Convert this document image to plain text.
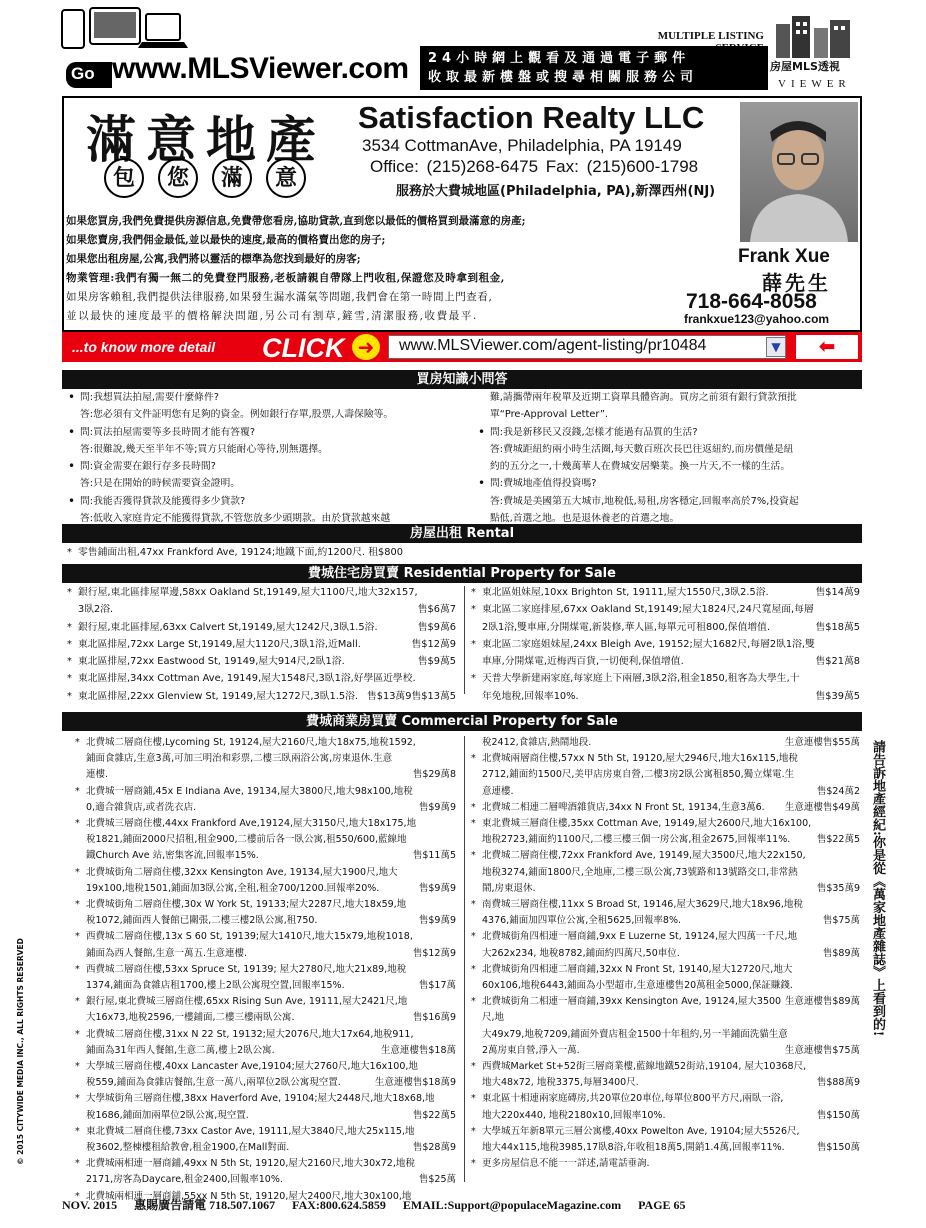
Go www.MLSViewer.com
MULTIPLE LISTING
24小時網上觀看及通過電子郵件
收取最新樓盤或搜尋相關服務公司
房屋MLS透視
VIEWER
滿意地產
包	您	滿	意
Satisfaction Realty LLC
3534 CottmanAve, Philadelphia, PA 19149
Office: (215)268-6475 Fax: (215)600-1798
服務於大費城地區(Philadelphia, PA),新澤西州(NJ)
如果您買房,我們免費提供房源信息,免費帶您看房,協助貸款,直到您以最低的價格買到最滿意的房產;
如果您賣房,我們佣金最低,並以最快的速度,最高的價格賣出您的房子;
如果您出租房屋,公寓,我們將以靈活的標準為您找到最好的房客;
物業管理:我們有獨一無二的免費登門服務,老板請親自帶隊上門收租,保證您及時拿到租金,
如果房客賴租,我們提供法律服務,如果發生漏水滿氣等問題,我們會在第一時間上門查看,
並以最快的速度最平的價格解決問題,另公司有割草,鏟雪,清潔服務,收費最平.
Frank Xue
薛先生
718-664-8058
frankxue123@yahoo.com
...to know more detail CLICK ➜	www.MLSViewer.com/agent-listing/pr10484	▼	⬅
買房知識小問答
• 問:我想買法拍屋,需要什麼條件?
答:您必須有文件証明您有足夠的資金。例如銀行存單,股票,人壽保險等。
• 問:買法拍屋需要等多長時間才能有答覆?
答:很難說,幾天至半年不等;買方只能耐心等待,別無選擇。
• 問:資金需要在銀行存多長時間?
答:只是在開始的時候需要資金證明。
• 問:我能否獲得貸款及能獲得多少貸款?
答:低收入家庭肯定不能獲得貸款,不管您放多少頭期款。由於貸款越來越
難,請攜帶兩年稅單及近期工資單具體咨詢。買房之前須有銀行貸款預批
單“Pre-Approval Letter”.
• 問:我是新移民又沒錢,怎樣才能過有品質的生活?
答:費城距紐約兩小時生活圈,每天數百班次長巴往返紐約,而房價僅是紐
約的五分之一,十幾萬華人在費城安居樂業。換一片天,不一樣的生活。
• 問:費城地產值得投資嗎?
答:費城是美國第五大城市,地稅低,易租,房客穩定,回報率高於7%,投資起
點低,首選之地。也是退休養老的首選之地。
房屋出租 Rental
* 零售鋪面出租,47xx Frankford Ave, 19124;地鐵下面,約1200尺. 租$800
費城住宅房買賣 Residential Property for Sale
* 銀行屋,東北區排屋單邊,58xx Oakland St,19149,屋大1100尺,地大32x157,
3臥2浴.	售$6萬7
* 銀行屋,東北區排屋,63xx Calvert St,19149,屋大1242尺,3臥1.5浴.	售$9萬6
* 東北區排屋,72xx Large St,19149,屋大1120尺,3臥1浴,近Mall.	售$12萬9
* 東北區排屋,72xx Eastwood St, 19149,屋大914尺,2臥1浴.	售$9萬5
* 東北區排屋,34xx Cottman Ave, 19149,屋大1548尺,3臥1浴,好學區近學校.
售$13萬5
* 東北區排屋,22xx Glenview St, 19149,屋大1272尺,3臥1.5浴. 售$13萬9
* 東北區姐妹屋,10xx Brighton St, 19111,屋大1550尺,3臥2.5浴.	售$14萬9
* 東北區二家庭排屋,67xx Oakland St,19149;屋大1824尺,24尺寬屋面,每層
2臥1浴,雙車庫,分開煤電,新裝修,華人區,每單元可租800,保值增值.	售$18萬5
* 東北區二家庭姐妹屋,24xx Bleigh Ave, 19152;屋大1682尺,每層2臥1浴,雙
車庫,分開煤電,近梅西百貨,一切便利,保值增值.	售$21萬8
* 天普大學新建兩家庭,每家庭上下兩層,3臥2浴,租金1850,租客為大學生,十
年免地稅,回報率10%.	售$39萬5
費城商業房買賣 Commercial Property for Sale
* 北費城二層商住樓,Lycoming St, 19124,屋大2160尺,地大18x75,地稅1592,
鋪面食雜店,生意3萬,可加三明治和彩票,二樓三臥兩浴公寓,房東退休.生意
連樓.	售$29萬8
* 北費城一層商鋪,45x E Indiana Ave, 19134,屋大3800尺,地大98x100,地稅
0,適合雜貨店,或者洗衣店.	售$9萬9
* 北費城三層商住樓,44xx Frankford Ave,19124,屋大3150尺,地大18x175,地
稅1821,鋪面2000尺招租,租金900,二樓前后各一臥公寓,租550/600,藍線地
鐵Church Ave 站,密集客流,回報率15%.	售$11萬5
* 北費城街角二層商住樓,32xx Kensington Ave, 19134,屋大1900尺,地大
19x100,地稅1501,鋪面加3臥公寓,全租,租金700/1200.回報率20%.	售$9萬9
* 北費城街角二層商住樓,30x W York St, 19133;屋大2287尺,地大18x59,地
稅1072,鋪面西人餐館已關張,二樓三樓2臥公寓,租750.	售$9萬9
* 西費城二層商住樓,13x S 60 St, 19139;屋大1410尺,地大15x79,地稅1018,
鋪面為西人餐館,生意一萬五.生意連樓.	售$12萬9
* 西費城二層商住樓,53xx Spruce St, 19139; 屋大2780尺,地大21x89,地稅
1374,鋪面為食雜店租1700,樓上2臥公寓現空置,回報率15%.	售$17萬
* 銀行屋,東北費城三層商住樓,65xx Rising Sun Ave, 19111,屋大2421尺,地
大16x73,地稅2596,一樓鋪面,二樓三樓兩臥公寓.	售$16萬9
* 北費城二層商住樓,31xx N 22 St, 19132;屋大2076尺,地大17x64,地稅911,
鋪面為31年西人餐館,生意二萬,樓上2臥公寓.	生意連樓售$18萬
* 大學城三層商住樓,40xx Lancaster Ave,19104;屋大2760尺,地大16x100,地
稅559,鋪面為食雜店餐館,生意一萬八,兩單位2臥公寓現空置.	生意連樓售$18萬9
* 大學城街角三層商住樓,38xx Haverford Ave, 19104;屋大2448尺,地大18x68,地
稅1686,鋪面加兩單位2臥公寓,現空置.	售$22萬5
* 東北費城二層商住樓,73xx Castor Ave, 19111,屋大3840尺,地大25x115,地
稅3602,整棟樓租給教會,租金1900,在Mall對面.	售$28萬9
* 北費城兩相連一層商鋪,49xx N 5th St, 19120,屋大2160尺,地大30x72,地稅
2171,房客為Daycare,租金2400,回報率10%.	售$25萬
* 北費城兩相連一層商鋪,55xx N 5th St, 19120,屋大2400尺,地大30x100,地
稅2412,食雜店,熱鬧地段.	生意連樓售$55萬
* 北費城兩層商住樓,57xx N 5th St, 19120,屋大2946尺,地大16x115,地稅
2712,鋪面約1500尺,美甲店房東自營,二樓3房2臥公寓租850,獨立煤電.生
意連樓.	售$24萬2
* 北費城二相連二層啤酒雜貨店,34xx N Front St, 19134,生意3萬6. 生意連樓售$49萬
* 東北費城三層商住樓,35xx Cottman Ave, 19149,屋大2600尺,地大16x100,
地稅2723,鋪面約1100尺,二樓三樓三個一房公寓,租金2675,回報率11%.	售$22萬5
* 北費城二層商住樓,72xx Frankford Ave, 19149,屋大3500尺,地大22x150,
地稅3274,鋪面1800尺,全地庫,二樓三臥公寓,73號路和13號路交口,非常熱
鬧,房東退休.	售$35萬9
* 南費城三層商住樓,11xx S Broad St, 19146,屋大3629尺,地大18x96,地稅
4376,鋪面加四單位公寓,全租5625,回報率8%.	售$75萬
* 北費城街角四相連一層商鋪,9xx E Luzerne St, 19124,屋大四萬一千尺,地
大262x234, 地稅8782,鋪面約四萬尺,50車位.	售$89萬
* 北費城街角四相連二層商鋪,32xx N Front St, 19140,屋大12720尺,地大
60x106,地稅6443,鋪面為小型超市,生意連樓售20萬租金5000,保証賺錢.
生意連樓售$89萬
* 北費城街角二相連一層商鋪,39xx Kensington Ave, 19124,屋大3500尺,地
大49x79,地稅7209,鋪面外賣店租金1500十年租約,另一半鋪面洗貓生意
2萬房東自營,淨入一萬.	生意連樓售$75萬
* 西費城Market St+52街三層商業樓,藍線地鐵52街站,19104, 屋大10368尺,
地大48x72, 地稅3375,每層3400尺.	售$88萬9
* 東北區十相連兩家庭磚房,共20單位20車位,每單位800平方尺,兩臥一浴,
地大220x440, 地稅2180x10,回報率10%.	售$150萬
* 大學城五年新8單元三層公寓樓,40xx Powelton Ave, 19104;屋大5526尺,
地大44x115,地稅3985,17臥8浴,年收租18萬5,開銷1.4萬,回報率11%.	售$150萬
* 更多房屋信息不能一一詳述,請電話垂詢.
© 2015 CITYWIDE MEDIA INC., ALL RIGHTS RESERVED
請告訴地產經紀:你是從《萬家地產雜誌》上看到的!
NOV. 2015 惠賜廣告請電 718.507.1067 FAX:800.624.5859 EMAIL:Support@populaceMagazine.com PAGE 65
